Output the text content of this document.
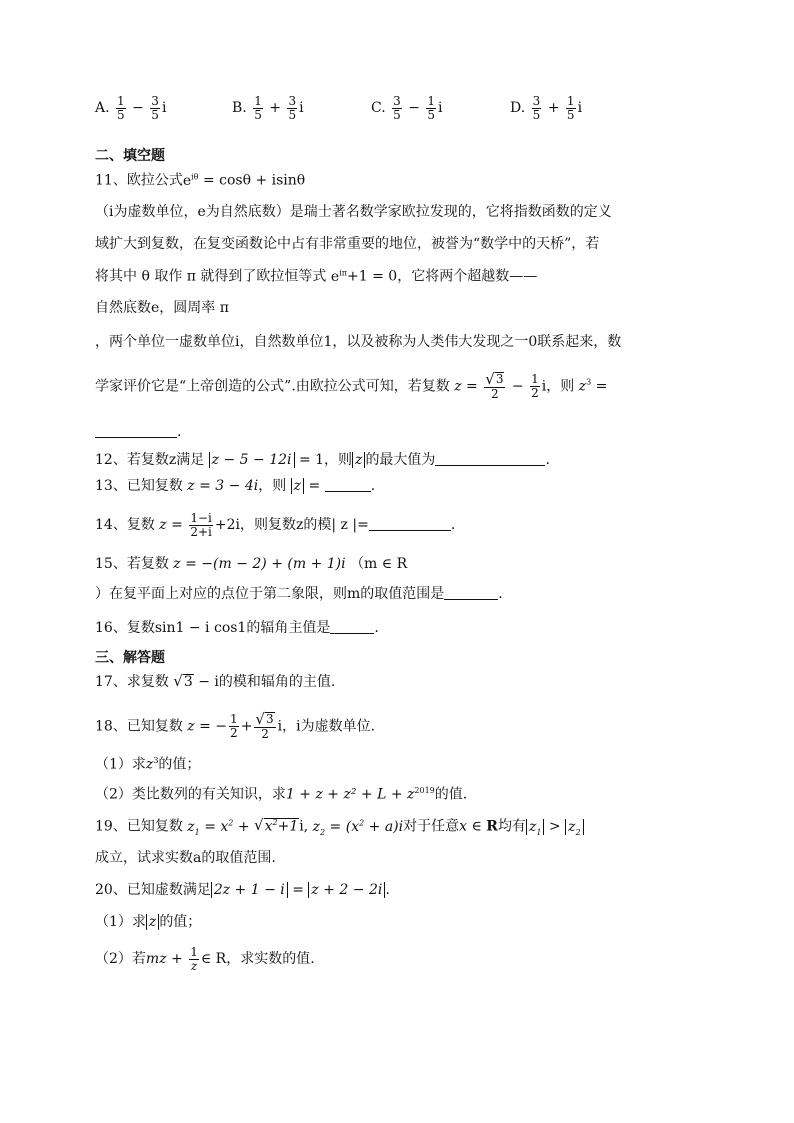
A. $\frac{1}{5} - \frac{3}{5}$ i	B. $\frac{1}{5} + \frac{3}{5}$ i	C. $\frac{3}{5} - \frac{1}{5}$ i	D. $\frac{3}{5} + \frac{1}{5}$ i
二、填空题
11、欧拉公式$e^{i\theta} = \cos\theta + isin\theta$
（i为虚数单位，e为自然底数）是瑞士著名数学家欧拉发现的，它将指数函数的定义
域扩大到复数，在复变函数论中占有非常重要的地位，被誉为“数学中的天桥”，若
将其中 θ 取作 π 就得到了欧拉恒等式 $e^{i\pi}+1 = 0$，它将两个超越数——
自然底数e，圆周率 π
，两个单位一虚数单位i，自然数单位1，以及被称为人类伟大发现之一0联系起来，数
学家评价它是“上帝创造的公式”.由欧拉公式可知，若复数 $z = \frac{√ 3}{2} - \frac{1}{2}$ i，则 $z^3$ =
.
12、若复数z满足 z − 5 − 12i = 1，则 z 的最大值为	.
13、已知复数 z = 3 − 4i，则 z =	.
14、复数 $z = \frac{1-i}{2+i} +2i$，则复数z的模| z |=	.
15、若复数 z = −(m − 2) + (m + 1)i （m ∈ R
）在复平面上对应的点位于第二象限，则m的取值范围是	.
16、复数sin1 − i cos1的辐角主值是	.
三、解答题
17、求复数 √ 3 − i的模和辐角的主值.
18、已知复数 z = − $\frac{1}{2} + \frac{√ 3}{2}$ i，i为虚数单位.
（1）求$z^3$的值；
（2）类比数列的有关知识，求$1 + z + z^2 + L + z^{2019}$的值.
19、已知复数 $z_1 = x^2$ + √ $x^2+1$ i, $z_2 = (x^2 + a)i$对于任意x ∈ R均有 $z_1 > z_2$
成立，试求实数a的取值范围.
20、已知虚数满足 2z + 1 − i = z + 2 − 2i .
（1）求 z 的值；
（2）若mz + $\frac{1}{z}$ ∈ R，求实数的值.
